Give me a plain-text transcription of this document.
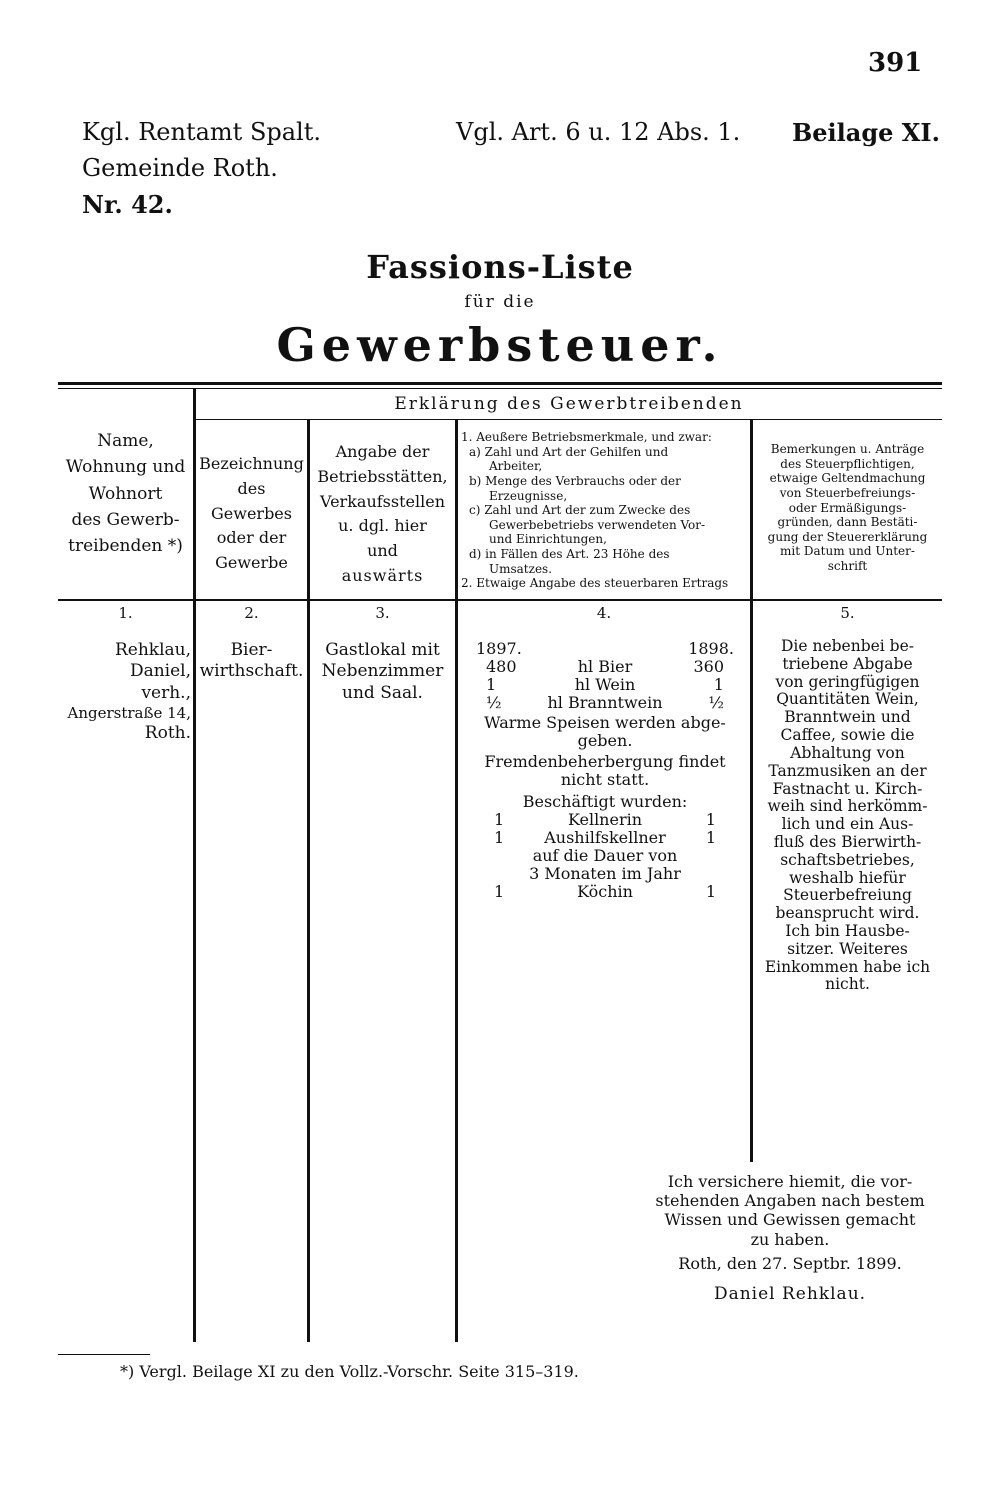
391
Kgl. Rentamt Spalt.
Gemeinde Roth.
Nr. 42.
Vgl. Art. 6 u. 12 Abs. 1. Beilage XI.
Fassions-Liste
für die
Gewerbsteuer.
Erklärung des Gewerbtreibenden
Name,
Wohnung und
Wohnort
des Gewerb-
treibenden *)
Bezeichnung
des
Gewerbes
oder der
Gewerbe
Angabe der
Betriebsstätten,
Verkaufsstellen
u. dgl. hier
und
auswärts
1. Aeußere Betriebsmerkmale, und zwar:
a) Zahl und Art der Gehilfen und
Arbeiter,
b) Menge des Verbrauchs oder der
Erzeugnisse,
c) Zahl und Art der zum Zwecke des
Gewerbebetriebs verwendeten Vor-
und Einrichtungen,
d) in Fällen des Art. 23 Höhe des
Umsatzes.
2. Etwaige Angabe des steuerbaren Ertrags
Bemerkungen u. Anträge
des Steuerpflichtigen,
etwaige Geltendmachung
von Steuerbefreiungs-
oder Ermäßigungs-
gründen, dann Bestäti-
gung der Steuererklärung
mit Datum und Unter-
schrift
1.	2.	3.	4.	5.
Rehklau,
Daniel,
verh.,
Angerstraße 14,
Roth.
Bier-
wirthschaft.
Gastlokal mit
Nebenzimmer
und Saal.
1897.	1898.
480	hl Bier	360
1	hl Wein	1
½	hl Branntwein	½
Warme Speisen werden abge-
geben.
Fremdenbeherbergung findet
nicht statt.
Beschäftigt wurden:
1	Kellnerin	1
1	Aushilfskellner	1
auf die Dauer von
3 Monaten im Jahr
1	Köchin	1
Die nebenbei be-
triebene Abgabe
von geringfügigen
Quantitäten Wein,
Branntwein und
Caffee, sowie die
Abhaltung von
Tanzmusiken an der
Fastnacht u. Kirch-
weih sind herkömm-
lich und ein Aus-
fluß des Bierwirth-
schaftsbetriebes,
weshalb hiefür
Steuerbefreiung
beansprucht wird.
Ich bin Hausbe-
sitzer. Weiteres
Einkommen habe ich
nicht.
Ich versichere hiemit, die vor-
stehenden Angaben nach bestem
Wissen und Gewissen gemacht
zu haben.
Roth, den 27. Septbr. 1899.
Daniel Rehklau.
*) Vergl. Beilage XI zu den Vollz.-Vorschr. Seite 315–319.
